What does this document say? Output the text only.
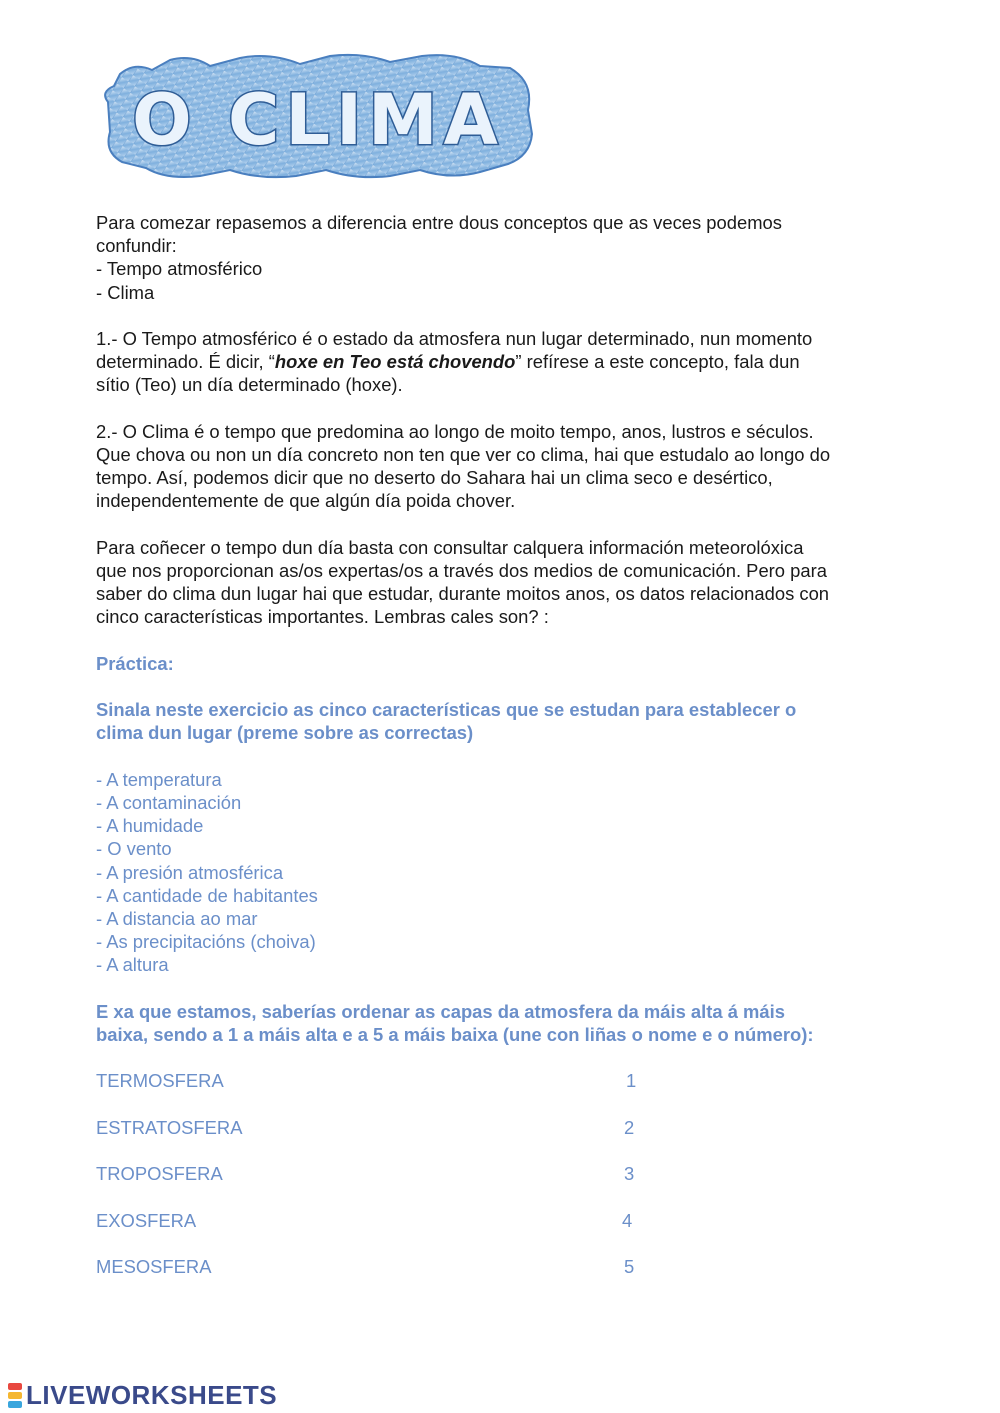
O CLIMA

Para comezar repasemos a diferencia entre dous conceptos que as veces podemos

confundir:

- Tempo atmosférico

- Clima

1.- O Tempo atmosférico é o estado da atmosfera nun lugar determinado, nun momento

determinado. É dicir, “hoxe en Teo está chovendo” refírese a este concepto, fala dun

sítio (Teo) un día determinado (hoxe).

2.- O Clima é o tempo que predomina ao longo de moito tempo, anos, lustros e séculos.

Que chova ou non un día concreto non ten que ver co clima, hai que estudalo ao longo do

tempo. Así, podemos dicir que no deserto do Sahara hai un clima seco e desértico,

independentemente de que algún día poida chover.

Para coñecer o tempo dun día basta con consultar calquera información meteorolóxica

que nos proporcionan as/os expertas/os a través dos medios de comunicación. Pero para

saber do clima dun lugar hai que estudar, durante moitos anos, os datos relacionados con

cinco características importantes. Lembras cales son? :

Práctica:

Sinala neste exercicio as cinco características que se estudan para establecer o

clima dun lugar (preme sobre as correctas)

- A temperatura
- A contaminación
- A humidade
- O vento
- A presión atmosférica
- A cantidade de habitantes
- A distancia ao mar
- As precipitacións (choiva)
- A altura

E xa que estamos, saberías ordenar as capas da atmosfera da máis alta á máis

baixa, sendo a 1 a máis alta e a 5 a máis baixa (une con liñas o nome e o número):

TERMOSFERA	1
ESTRATOSFERA	2
TROPOSFERA	3
EXOSFERA	4
MESOSFERA	5
LIVEWORKSHEETS
